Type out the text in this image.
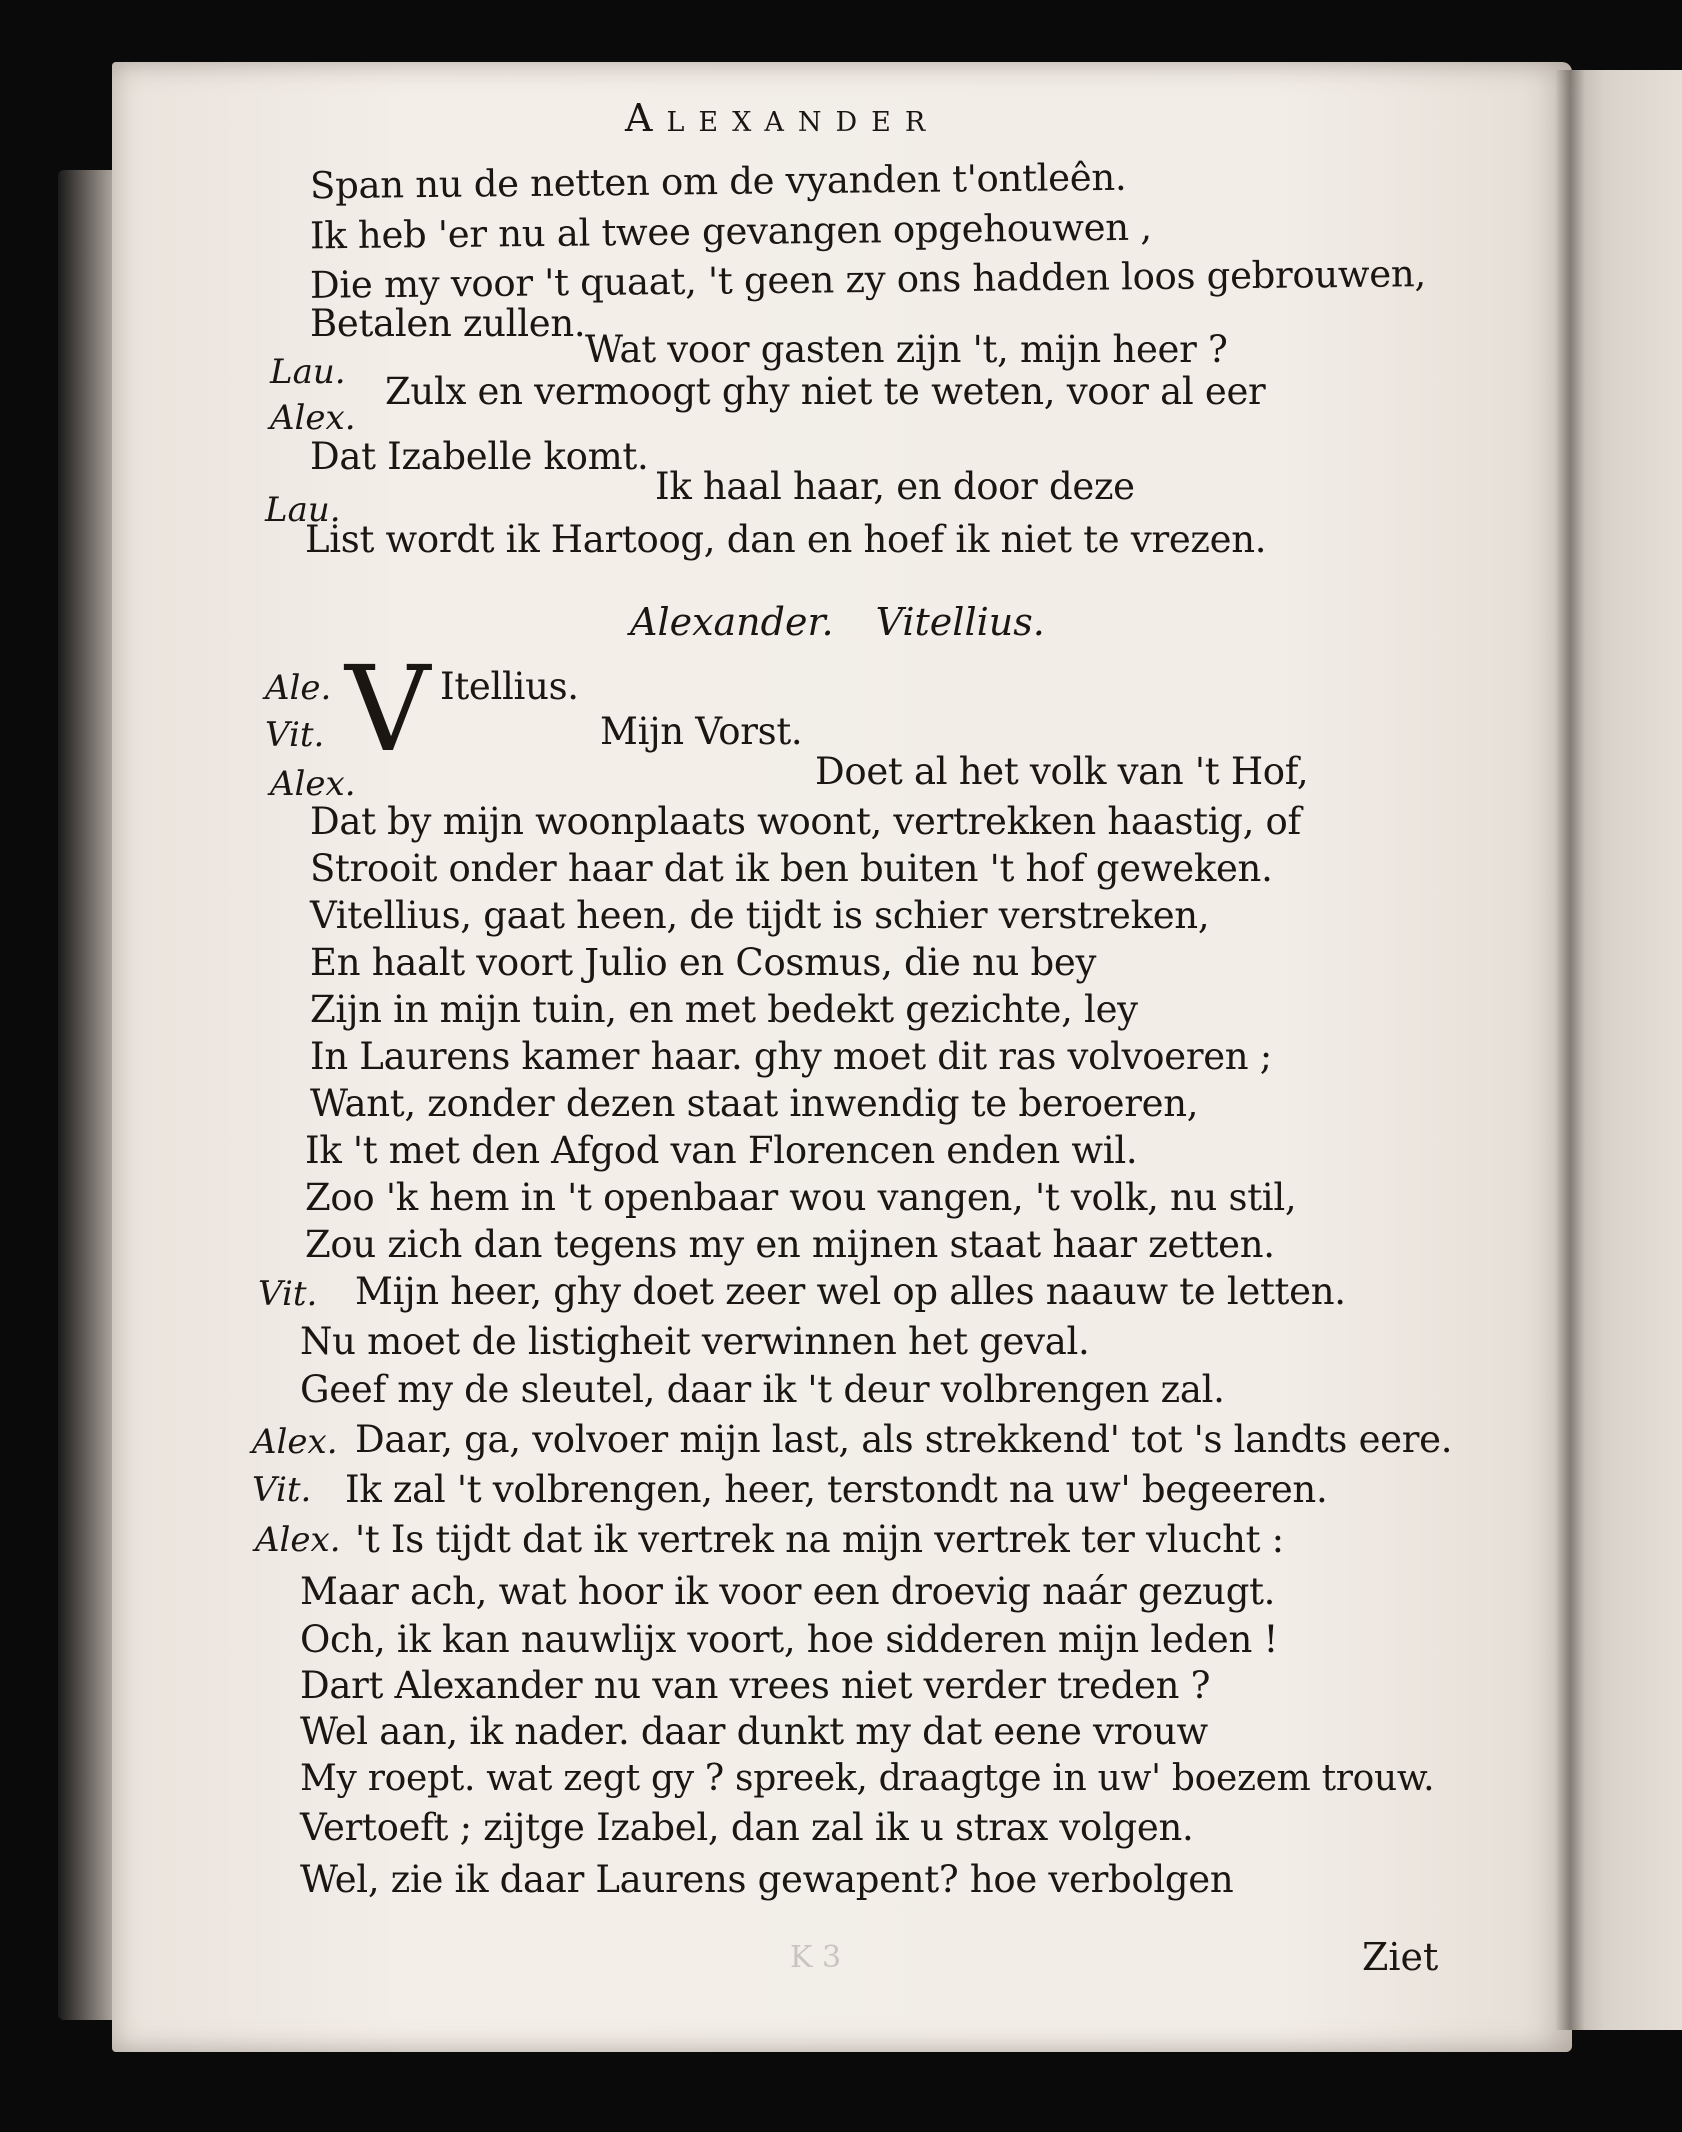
Alexander
Span nu de netten om de vyanden t'ontleên.
Ik heb 'er nu al twee gevangen opgehouwen ,
Die my voor 't quaat, 't geen zy ons hadden loos gebrouwen,
Betalen zullen.
Wat voor gasten zijn 't, mijn heer ?
Zulx en vermoogt ghy niet te weten, voor al eer
Dat Izabelle komt.
Ik haal haar, en door deze
List wordt ik Hartoog, dan en hoef ik niet te vrezen.
Alexander. Vitellius.
V Itellius.
Mijn Vorst.
Doet al het volk van 't Hof,
Dat by mijn woonplaats woont, vertrekken haastig, of
Strooit onder haar dat ik ben buiten 't hof geweken.
Vitellius, gaat heen, de tijdt is schier verstreken,
En haalt voort Julio en Cosmus, die nu bey
Zijn in mijn tuin, en met bedekt gezichte, ley
In Laurens kamer haar. ghy moet dit ras volvoeren ;
Want, zonder dezen staat inwendig te beroeren,
Ik 't met den Afgod van Florencen enden wil.
Zoo 'k hem in 't openbaar wou vangen, 't volk, nu stil,
Zou zich dan tegens my en mijnen staat haar zetten.
Mijn heer, ghy doet zeer wel op alles naauw te letten.
Nu moet de listigheit verwinnen het geval.
Geef my de sleutel, daar ik 't deur volbrengen zal.
Daar, ga, volvoer mijn last, als strekkend' tot 's landts eere.
Ik zal 't volbrengen, heer, terstondt na uw' begeeren.
't Is tijdt dat ik vertrek na mijn vertrek ter vlucht :
Maar ach, wat hoor ik voor een droevig naár gezugt.
Och, ik kan nauwlijx voort, hoe sidderen mijn leden !
Dart Alexander nu van vrees niet verder treden ?
Wel aan, ik nader. daar dunkt my dat eene vrouw
My roept. wat zegt gy ? spreek, draagtge in uw' boezem trouw.
Vertoeft ; zijtge Izabel, dan zal ik u strax volgen.
Wel, zie ik daar Laurens gewapent? hoe verbolgen
Lau.
Alex.
Lau.
Ale.
Vit.
Alex.
Vit.
Alex.
Vit.
Alex.
K 3	Ziet
